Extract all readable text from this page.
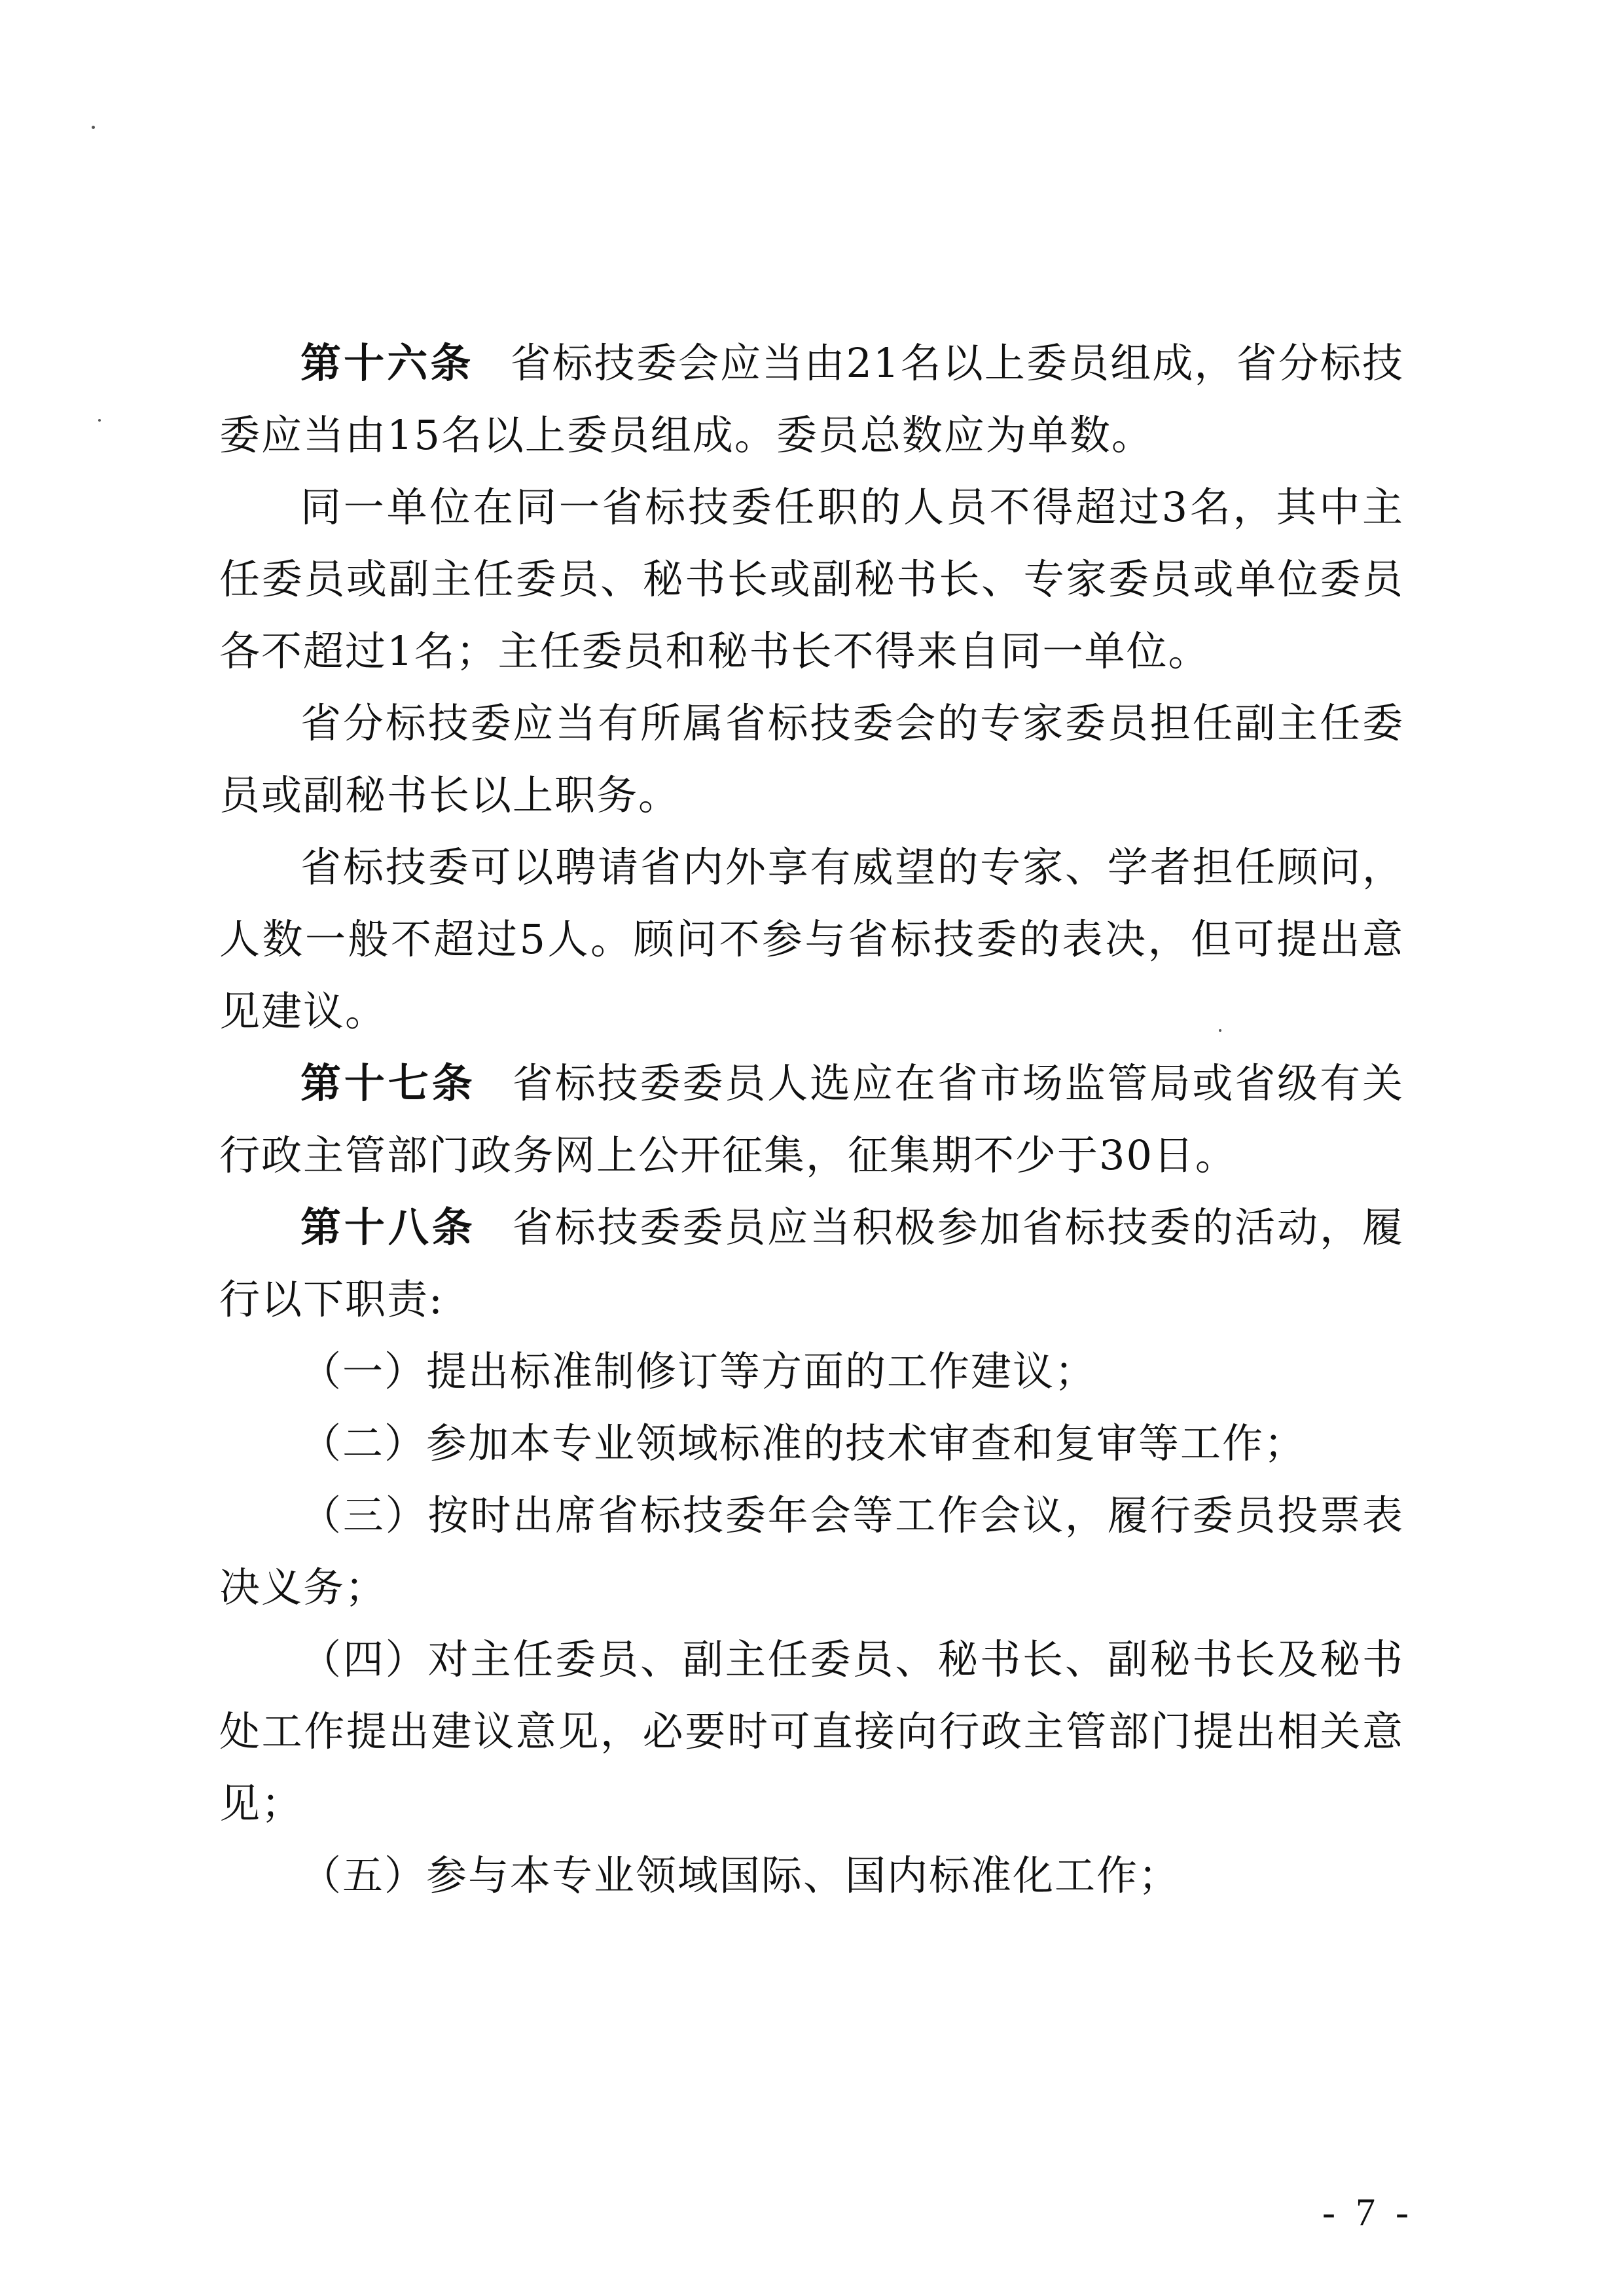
第十六条 省标技委会应当由21名以上委员组成，省分标技委应当由15名以上委员组成。委员总数应为单数。

同一单位在同一省标技委任职的人员不得超过3名，其中主任委员或副主任委员、秘书长或副秘书长、专家委员或单位委员各不超过1名；主任委员和秘书长不得来自同一单位。

省分标技委应当有所属省标技委会的专家委员担任副主任委员或副秘书长以上职务。

省标技委可以聘请省内外享有威望的专家、学者担任顾问，人数一般不超过5人。顾问不参与省标技委的表决，但可提出意见建议。

第十七条 省标技委委员人选应在省市场监管局或省级有关行政主管部门政务网上公开征集，征集期不少于30日。

第十八条 省标技委委员应当积极参加省标技委的活动，履行以下职责:

（一）提出标准制修订等方面的工作建议；

（二）参加本专业领域标准的技术审查和复审等工作；

（三）按时出席省标技委年会等工作会议，履行委员投票表决义务；

（四）对主任委员、副主任委员、秘书长、副秘书长及秘书处工作提出建议意见，必要时可直接向行政主管部门提出相关意见；

（五）参与本专业领域国际、国内标准化工作；

- 7 -
